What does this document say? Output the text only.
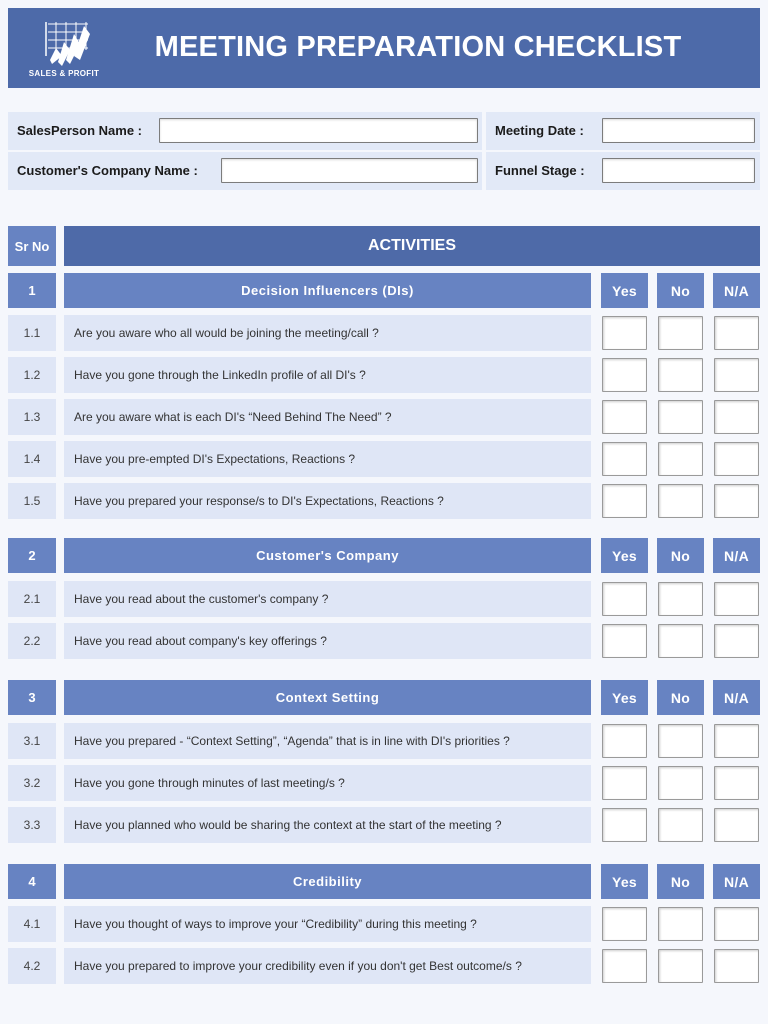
SALES & PROFIT
MEETING PREPARATION CHECKLIST
SalesPerson Name :	Meeting Date :
Customer's Company Name :	Funnel Stage :
Sr No	ACTIVITIES
1	Decision Influencers (DIs)	Yes	No	N/A
1.1	Are you aware who all would be joining the meeting/call ?
1.2	Have you gone through the LinkedIn profile of all DI's ?
1.3	Are you aware what is each DI's “Need Behind The Need” ?
1.4	Have you pre-empted DI's Expectations, Reactions ?
1.5	Have you prepared your response/s to DI's Expectations, Reactions ?
2	Customer's Company	Yes	No	N/A
2.1	Have you read about the customer's company ?
2.2	Have you read about company's key offerings ?
3	Context Setting	Yes	No	N/A
3.1	Have you prepared - “Context Setting”, “Agenda” that is in line with DI's priorities ?
3.2	Have you gone through minutes of last meeting/s ?
3.3	Have you planned who would be sharing the context at the start of the meeting ?
4	Credibility	Yes	No	N/A
4.1	Have you thought of ways to improve your “Credibility” during this meeting ?
4.2	Have you prepared to improve your credibility even if you don't get Best outcome/s ?
